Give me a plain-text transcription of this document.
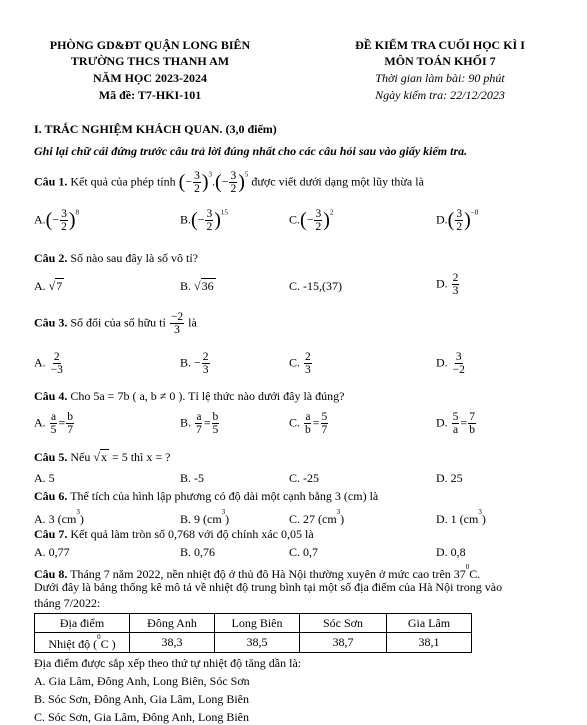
PHÒNG GD&ĐT QUẬN LONG BIÊN
TRƯỜNG THCS THANH AM
NĂM HỌC 2023-2024
Mã đề: T7-HKI-101
ĐỀ KIỂM TRA CUỐI HỌC KÌ I
MÔN TOÁN KHỐI 7
Thời gian làm bài: 90 phút
Ngày kiểm tra: 22/12/2023
I. TRẮC NGHIỆM KHÁCH QUAN. (3,0 điểm)
Ghi lại chữ cái đứng trước câu trả lời đúng nhất cho các câu hỏi sau vào giấy kiểm tra.
Câu 1. Kết quả của phép tính (− $\frac{3}{2} )^3.(- \frac{3}{2} )^5$ được viết dưới dạng một lũy thừa là
$A.(- \frac{3}{2} )^8$	$B.(- \frac{3}{2} )^{15}$	$C.(- \frac{3}{2} )^2$	$D.( \frac{3}{2} )^{-8}$
Câu 2. Số nào sau đây là số vô tỉ?
A. √7	B. √36	C. -15,(37)	D. $\frac{2}{3}$
Câu 3. Số đối của số hữu tỉ $\frac{-2}{3}$ là
A. $\frac{2}{-3}$	B. − $\frac{2}{3}$	C. $\frac{2}{3}$	D. $\frac{3}{-2}$
Câu 4. Cho 5a = 7b ( a, b ≠ 0 ). Tỉ lệ thức nào dưới đây là đúng?
A. $\frac{a}{5} = \frac{b}{7}$	B. $\frac{a}{7} = \frac{b}{5}$	C. $\frac{a}{b} = \frac{5}{7}$	D. $\frac{5}{a} = \frac{7}{b}$
Câu 5. Nếu √x = 5 thì x = ?
A. 5	B. -5	C. -25	D. 25
Câu 6. Thể tích của hình lập phương có độ dài một cạnh bằng 3 (cm) là
A. 3 $(cm^3)$	B. 9 $(cm^3)$	C. 27 $(cm^3)$	D. 1 $(cm^3)$
Câu 7. Kết quả làm tròn số 0,768 với độ chính xác 0,05 là
A. 0,77	B. 0,76	C. 0,7	D. 0,8
Câu 8. Tháng 7 năm 2022, nền nhiệt độ ở thủ đô Hà Nội thường xuyên ở mức cao trên $37^0C$.
Dưới đây là bảng thống kê mô tả về nhiệt độ trung bình tại một số địa điểm của Hà Nội trong vào
tháng 7/2022:
Địa điểm	Đông Anh	Long Biên	Sóc Sơn	Gia Lâm
Nhiệt độ ($^0$C )	38,3	38,5	38,7	38,1
Địa điểm được sắp xếp theo thứ tự nhiệt độ tăng dần là:
A. Gia Lâm, Đông Anh, Long Biên, Sóc Sơn
B. Sóc Sơn, Đông Anh, Gia Lâm, Long Biên
C. Sóc Sơn, Gia Lâm, Đông Anh, Long Biên
